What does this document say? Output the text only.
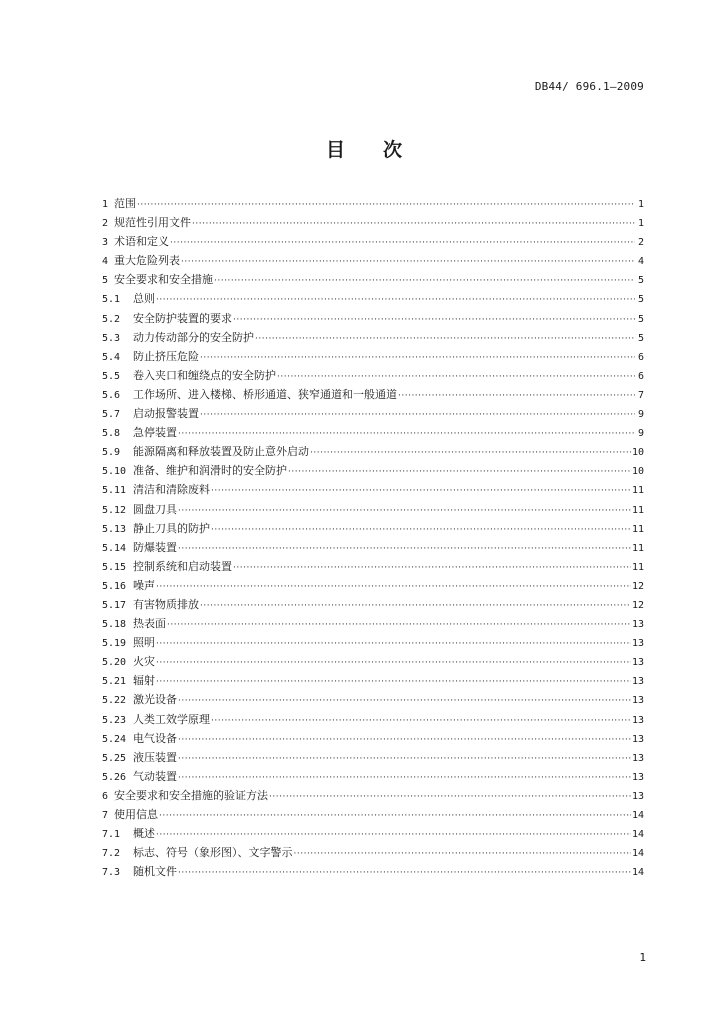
DB44/ 696.1—2009
目次
1 范围 ·····	1
2 规范性引用文件 ·····	1
3 术语和定义 ·····	2
4 重大危险列表 ·····	4
5 安全要求和安全措施 ·····	5
5.1	总则 ·····	5
5.2	安全防护装置的要求 ·····	5
5.3	动力传动部分的安全防护 ·····	5
5.4	防止挤压危险 ·····	6
5.5	卷入夹口和缠绕点的安全防护 ·····	6
5.6	工作场所、进入楼梯、桥形通道、狭窄通道和一般通道 ·····	7
5.7	启动报警装置 ·····	9
5.8	急停装置 ·····	9
5.9	能源隔离和释放装置及防止意外启动 ·····	10
5.10 准备、维护和润滑时的安全防护 ·····	10
5.11 清洁和清除废料 ·····	11
5.12 圆盘刀具 ·····	11
5.13 静止刀具的防护 ·····	11
5.14 防爆装置 ·····	11
5.15 控制系统和启动装置 ·····	11
5.16 噪声 ·····	12
5.17 有害物质排放 ·····	12
5.18 热表面 ·····	13
5.19 照明 ·····	13
5.20 火灾 ·····	13
5.21 辐射 ·····	13
5.22 激光设备 ·····	13
5.23 人类工效学原理 ·····	13
5.24 电气设备 ·····	13
5.25 液压装置 ·····	13
5.26 气动装置 ·····	13
6 安全要求和安全措施的验证方法 ·····	13
7 使用信息 ·····	14
7.1	概述 ·····	14
7.2	标志、符号（象形图）、文字警示 ·····	14
7.3	随机文件 ·····	14
1
